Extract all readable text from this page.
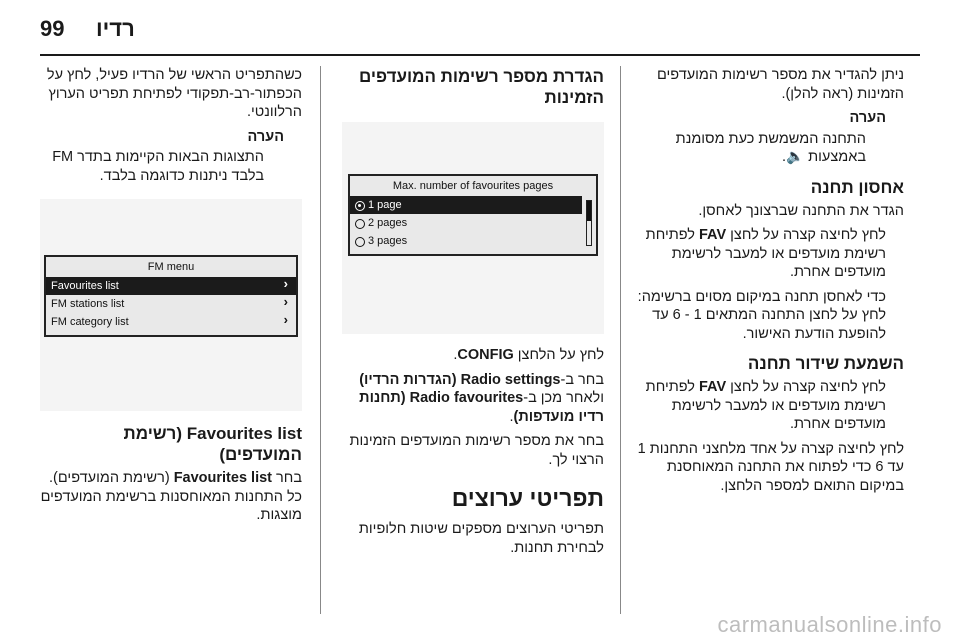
99 רדיו

ניתן להגדיר את מספר רשימות המועדפים הזמינות (ראה להלן).

הערה

התחנה המשמשת כעת מסומנת באמצעות 🔈.

אחסון תחנה

הגדר את התחנה שברצונך לאחסן.

לחץ לחיצה קצרה על לחצן FAV לפתיחת רשימת מועדפים או למעבר לרשימת מועדפים אחרת.

כדי לאחסן תחנה במיקום מסוים ברשימה: לחץ על לחצן התחנה המתאים 1 - 6 עד להופעת הודעת האישור.

השמעת שידור תחנה

לחץ לחיצה קצרה על לחצן FAV לפתיחת רשימת מועדפים או למעבר לרשימת מועדפים אחרת.

לחץ לחיצה קצרה על אחד מלחצני התחנות 1 עד 6 כדי לפתוח את התחנה המאוחסנת במיקום התואם למספר הלחצן.

הגדרת מספר רשימות המועדפים הזמינות
Max. number of favourites pages
1 page
2 pages
3 pages

לחץ על הלחצן CONFIG.

בחר ב-Radio settings (הגדרות הרדיו) ולאחר מכן ב-Radio favourites (תחנות רדיו מועדפות).

בחר את מספר רשימות המועדפים הזמינות הרצוי לך.

תפריטי ערוצים

תפריטי הערוצים מספקים שיטות חלופיות לבחירת תחנות.

כשהתפריט הראשי של הרדיו פעיל, לחץ על הכפתור-רב-תפקודי לפתיחת תפריט הערוץ הרלוונטי.

הערה

התצוגות הבאות הקיימות בתדר FM בלבד ניתנות כדוגמה בלבד.

FM menu
Favourites list	›
FM stations list	›
FM category list	›
Favourites list (רשימת המועדפים)

בחר Favourites list (רשימת המועדפים). כל התחנות המאוחסנות ברשימת המועדפים מוצגות.

carmanualsonline.info
